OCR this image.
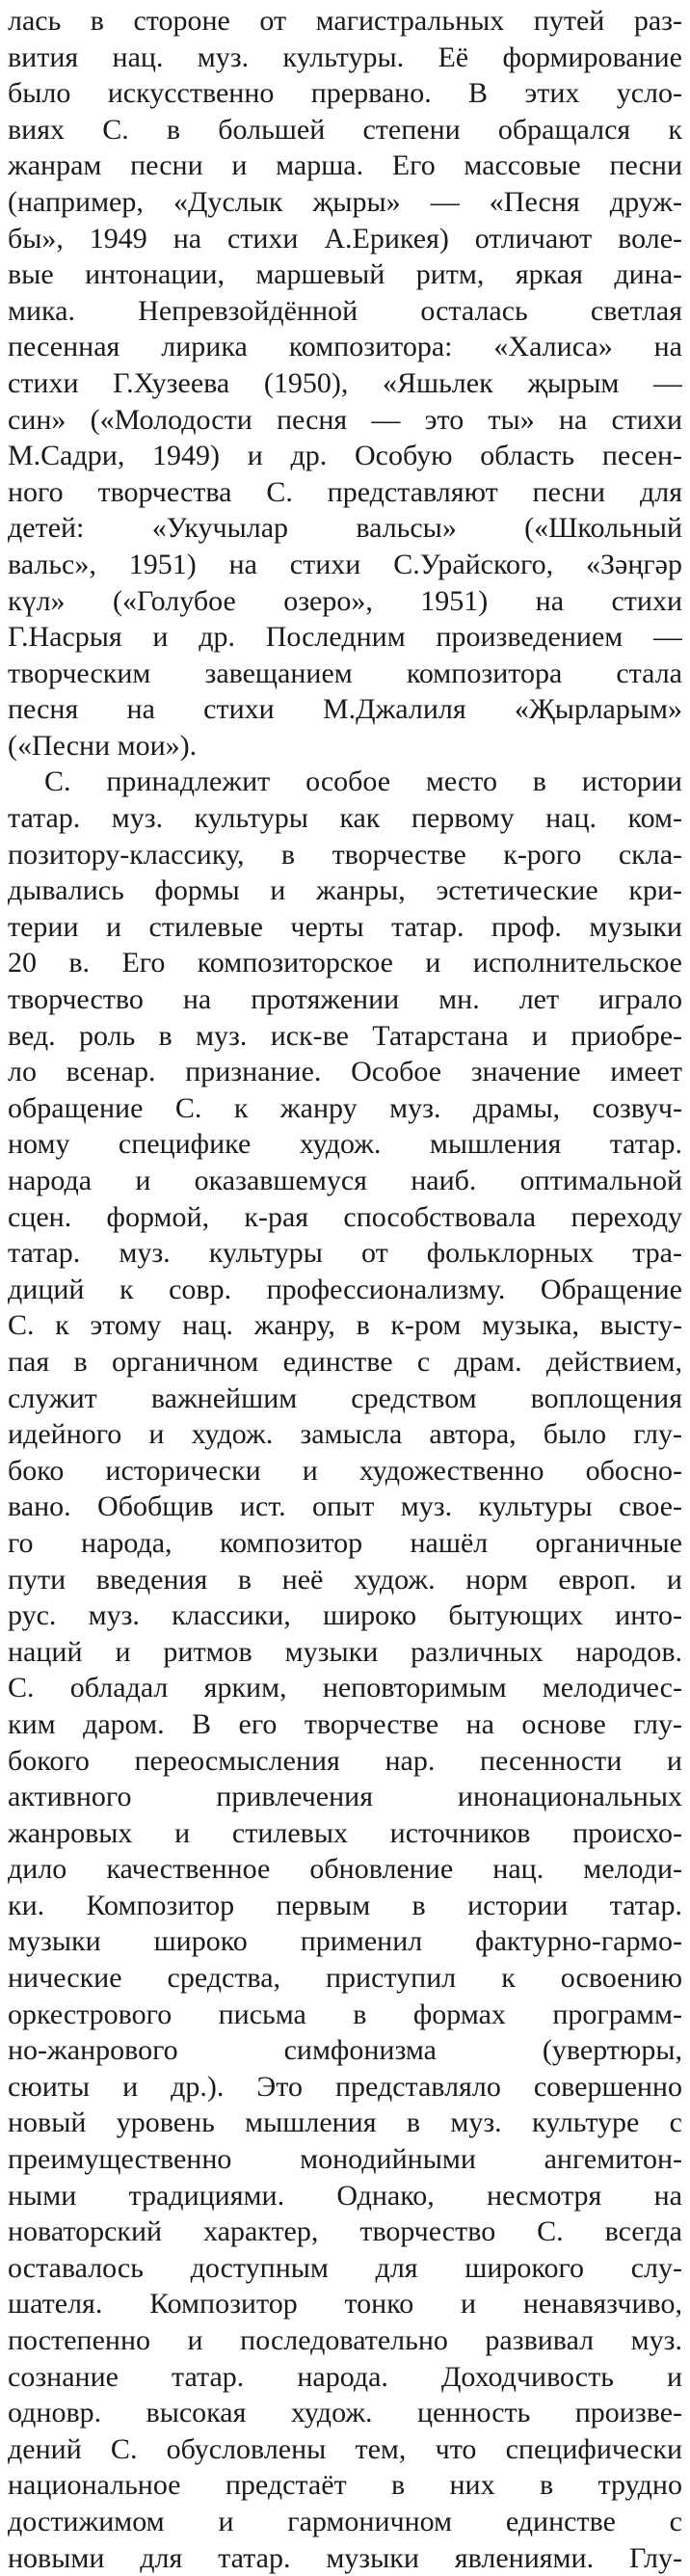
лась в стороне от магистральных путей раз-
вития нац. муз. культуры. Её формирование
было искусственно прервано. В этих усло-
виях С. в большей степени обращался к
жанрам песни и марша. Его массовые песни
(например, «Дуслык җыры» — «Песня друж-
бы», 1949 на стихи А.Ерикея) отличают воле-
вые интонации, маршевый ритм, яркая дина-
мика. Непревзойдённой осталась светлая
песенная лирика композитора: «Халиса» на
стихи Г.Хузеева (1950), «Яшьлек җырым —
син» («Молодости песня — это ты» на стихи
М.Садри, 1949) и др. Особую область песен-
ного творчества С. представляют песни для
детей: «Укучылар вальсы» («Школьный
вальс», 1951) на стихи С.Урайского, «Зәңгәр
күл» («Голубое озеро», 1951) на стихи
Г.Насрыя и др. Последним произведением —
творческим завещанием композитора стала
песня на стихи М.Джалиля «Җырларым»
(«Песни мои»).
С. принадлежит особое место в истории
татар. муз. культуры как первому нац. ком-
позитору-классику, в творчестве к-рого скла-
дывались формы и жанры, эстетические кри-
терии и стилевые черты татар. проф. музыки
20 в. Его композиторское и исполнительское
творчество на протяжении мн. лет играло
вед. роль в муз. иск-ве Татарстана и приобре-
ло всенар. признание. Особое значение имеет
обращение С. к жанру муз. драмы, созвуч-
ному специфике худож. мышления татар.
народа и оказавшемуся наиб. оптимальной
сцен. формой, к-рая способствовала переходу
татар. муз. культуры от фольклорных тра-
диций к совр. профессионализму. Обращение
С. к этому нац. жанру, в к-ром музыка, высту-
пая в органичном единстве с драм. действием,
служит важнейшим средством воплощения
идейного и худож. замысла автора, было глу-
боко исторически и художественно обосно-
вано. Обобщив ист. опыт муз. культуры свое-
го народа, композитор нашёл органичные
пути введения в неё худож. норм европ. и
рус. муз. классики, широко бытующих инто-
наций и ритмов музыки различных народов.
С. обладал ярким, неповторимым мелодичес-
ким даром. В его творчестве на основе глу-
бокого переосмысления нар. песенности и
активного привлечения инонациональных
жанровых и стилевых источников происхо-
дило качественное обновление нац. мелоди-
ки. Композитор первым в истории татар.
музыки широко применил фактурно-гармо-
нические средства, приступил к освоению
оркестрового письма в формах программ-
но-жанрового симфонизма (увертюры,
сюиты и др.). Это представляло совершенно
новый уровень мышления в муз. культуре с
преимущественно монодийными ангемитон-
ными традициями. Однако, несмотря на
новаторский характер, творчество С. всегда
оставалось доступным для широкого слу-
шателя. Композитор тонко и ненавязчиво,
постепенно и последовательно развивал муз.
сознание татар. народа. Доходчивость и
одновр. высокая худож. ценность произве-
дений С. обусловлены тем, что специфически
национальное предстаёт в них в трудно
достижимом и гармоничном единстве с
новыми для татар. музыки явлениями. Глу-
